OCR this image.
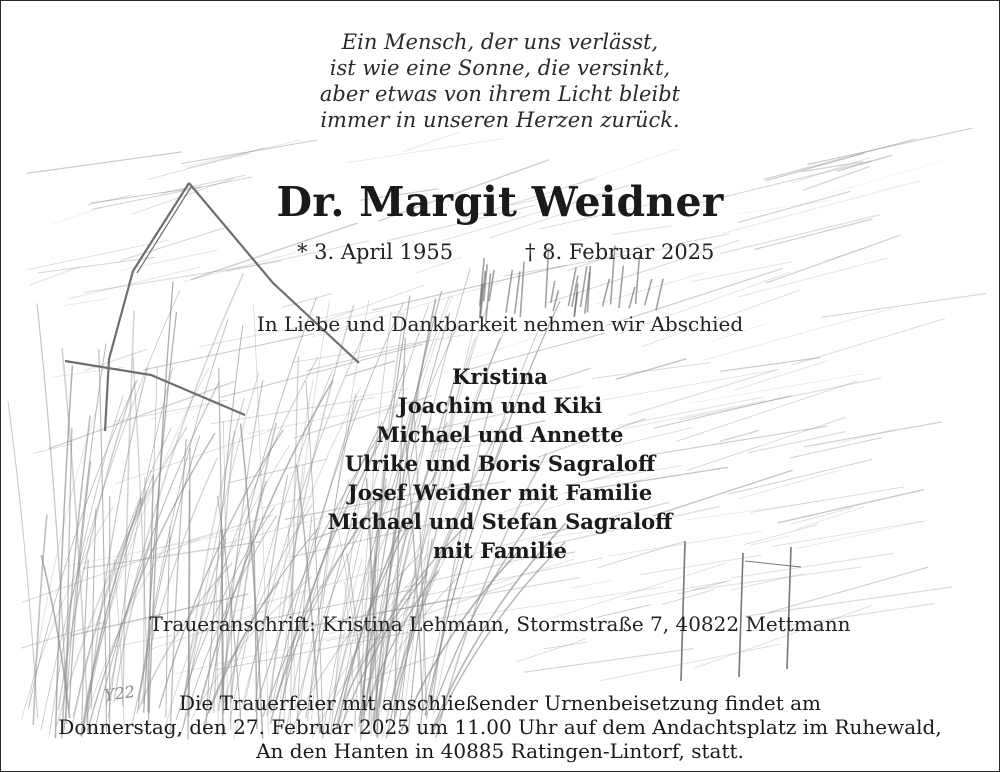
Y22
Ein Mensch, der uns verlässt,
ist wie eine Sonne, die versinkt,
aber etwas von ihrem Licht bleibt
immer in unseren Herzen zurück.
Dr. Margit Weidner
* 3. April 1955	† 8. Februar 2025
In Liebe und Dankbarkeit nehmen wir Abschied
Kristina
Joachim und Kiki
Michael und Annette
Ulrike und Boris Sagraloff
Josef Weidner mit Familie
Michael und Stefan Sagraloff
mit Familie
Traueranschrift: Kristina Lehmann, Stormstraße 7, 40822 Mettmann
Die Trauerfeier mit anschließender Urnenbeisetzung findet am
Donnerstag, den 27. Februar 2025 um 11.00 Uhr auf dem Andachtsplatz im Ruhewald,
An den Hanten in 40885 Ratingen-Lintorf, statt.
